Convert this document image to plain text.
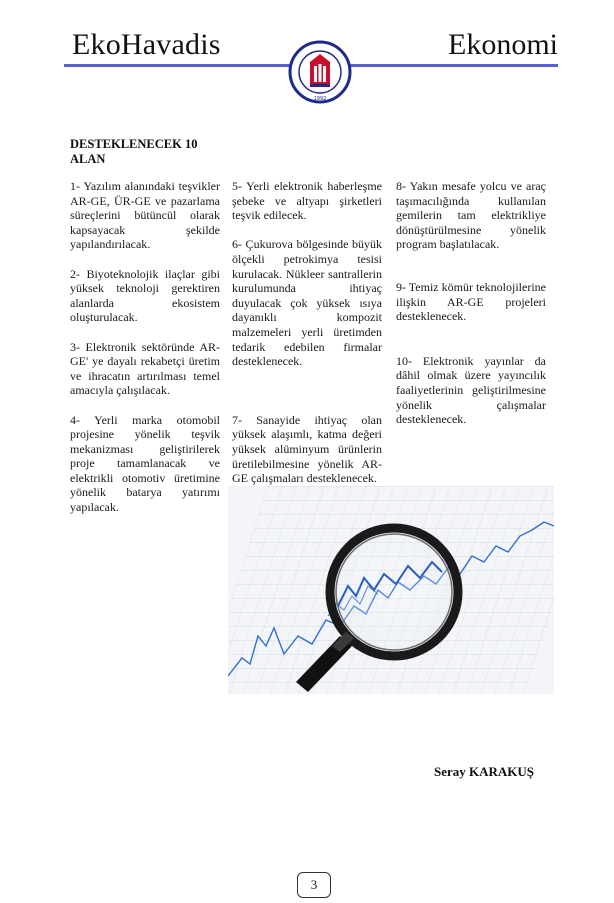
EkoHavadis	Ekonomi
1992
DESTEKLENECEK 10 ALAN

1- Yazılım alanındaki teşvikler AR-GE, ÜR-GE ve pazarlama süreçlerini bütüncül olarak kapsayacak şekilde yapılandırılacak.

2- Biyoteknolojik ilaçlar gibi yüksek teknoloji gerektiren alanlarda ekosistem oluşturulacak.

3- Elektronik sektöründe AR-GE' ye dayalı rekabetçi üretim ve ihracatın artırılması temel amacıyla çalışılacak.

4- Yerli marka otomobil projesine yönelik teşvik mekanizması geliştirilerek proje tamamlanacak ve elektrikli otomotiv üretimine yönelik batarya yatırımı yapılacak.

5- Yerli elektronik haberleşme şebeke ve altyapı şirketleri teşvik edilecek.

6- Çukurova bölgesinde büyük ölçekli petrokimya tesisi kurulacak. Nükleer santrallerin kurulumunda ihtiyaç duyulacak çok yüksek ısıya dayanıklı kompozit malzemeleri yerli üretimden tedarik edebilen firmalar desteklenecek.

7- Sanayide ihtiyaç olan yüksek alaşımlı, katma değeri yüksek alüminyum ürünlerin üretilebilmesine yönelik AR-GE çalışmaları desteklenecek.

8- Yakın mesafe yolcu ve araç taşımacılığında kullanılan gemilerin tam elektrikliye dönüştürülmesine yönelik program başlatılacak.

9- Temiz kömür teknolojilerine ilişkin AR-GE projeleri desteklenecek.

10- Elektronik yayınlar da dâhil olmak üzere yayıncılık faaliyetlerinin geliştirilmesine yönelik çalışmalar desteklenecek.

Seray KARAKUŞ
3
